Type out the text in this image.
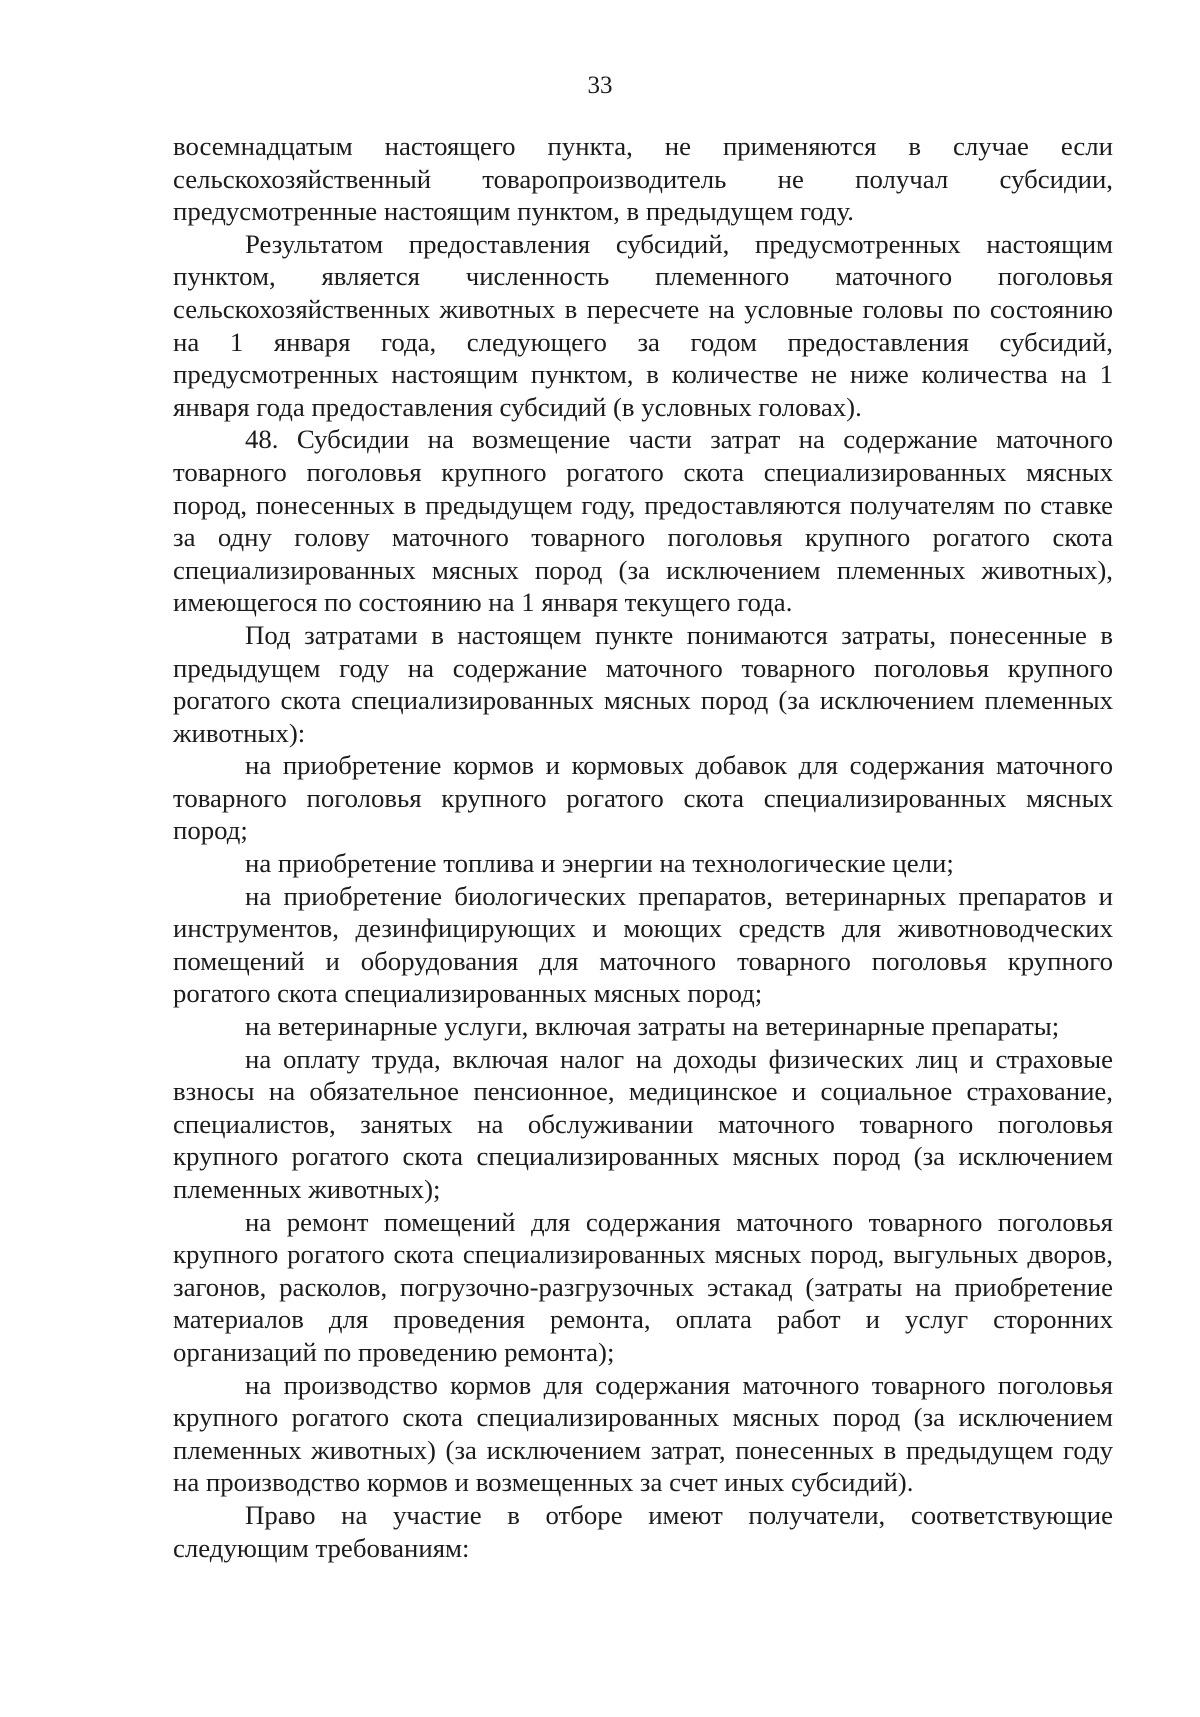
33

восемнадцатым настоящего пункта, не применяются в случае если сельскохозяйственный товаропроизводитель не получал субсидии, предусмотренные настоящим пунктом, в предыдущем году.

Результатом предоставления субсидий, предусмотренных настоящим пунктом, является численность племенного маточного поголовья сельскохозяйственных животных в пересчете на условные головы по состоянию на 1 января года, следующего за годом предоставления субсидий, предусмотренных настоящим пунктом, в количестве не ниже количества на 1 января года предоставления субсидий (в условных головах).

48. Субсидии на возмещение части затрат на содержание маточного товарного поголовья крупного рогатого скота специализированных мясных пород, понесенных в предыдущем году, предоставляются получателям по ставке за одну голову маточного товарного поголовья крупного рогатого скота специализированных мясных пород (за исключением племенных животных), имеющегося по состоянию на 1 января текущего года.

Под затратами в настоящем пункте понимаются затраты, понесенные в предыдущем году на содержание маточного товарного поголовья крупного рогатого скота специализированных мясных пород (за исключением племенных животных):

на приобретение кормов и кормовых добавок для содержания маточного товарного поголовья крупного рогатого скота специализированных мясных пород;

на приобретение топлива и энергии на технологические цели;

на приобретение биологических препаратов, ветеринарных препаратов и инструментов, дезинфицирующих и моющих средств для животноводческих помещений и оборудования для маточного товарного поголовья крупного рогатого скота специализированных мясных пород;

на ветеринарные услуги, включая затраты на ветеринарные препараты;

на оплату труда, включая налог на доходы физических лиц и страховые взносы на обязательное пенсионное, медицинское и социальное страхование, специалистов, занятых на обслуживании маточного товарного поголовья крупного рогатого скота специализированных мясных пород (за исключением племенных животных);

на ремонт помещений для содержания маточного товарного поголовья крупного рогатого скота специализированных мясных пород, выгульных дворов, загонов, расколов, погрузочно-разгрузочных эстакад (затраты на приобретение материалов для проведения ремонта, оплата работ и услуг сторонних организаций по проведению ремонта);

на производство кормов для содержания маточного товарного поголовья крупного рогатого скота специализированных мясных пород (за исключением племенных животных) (за исключением затрат, понесенных в предыдущем году на производство кормов и возмещенных за счет иных субсидий).

Право на участие в отборе имеют получатели, соответствующие следующим требованиям:
